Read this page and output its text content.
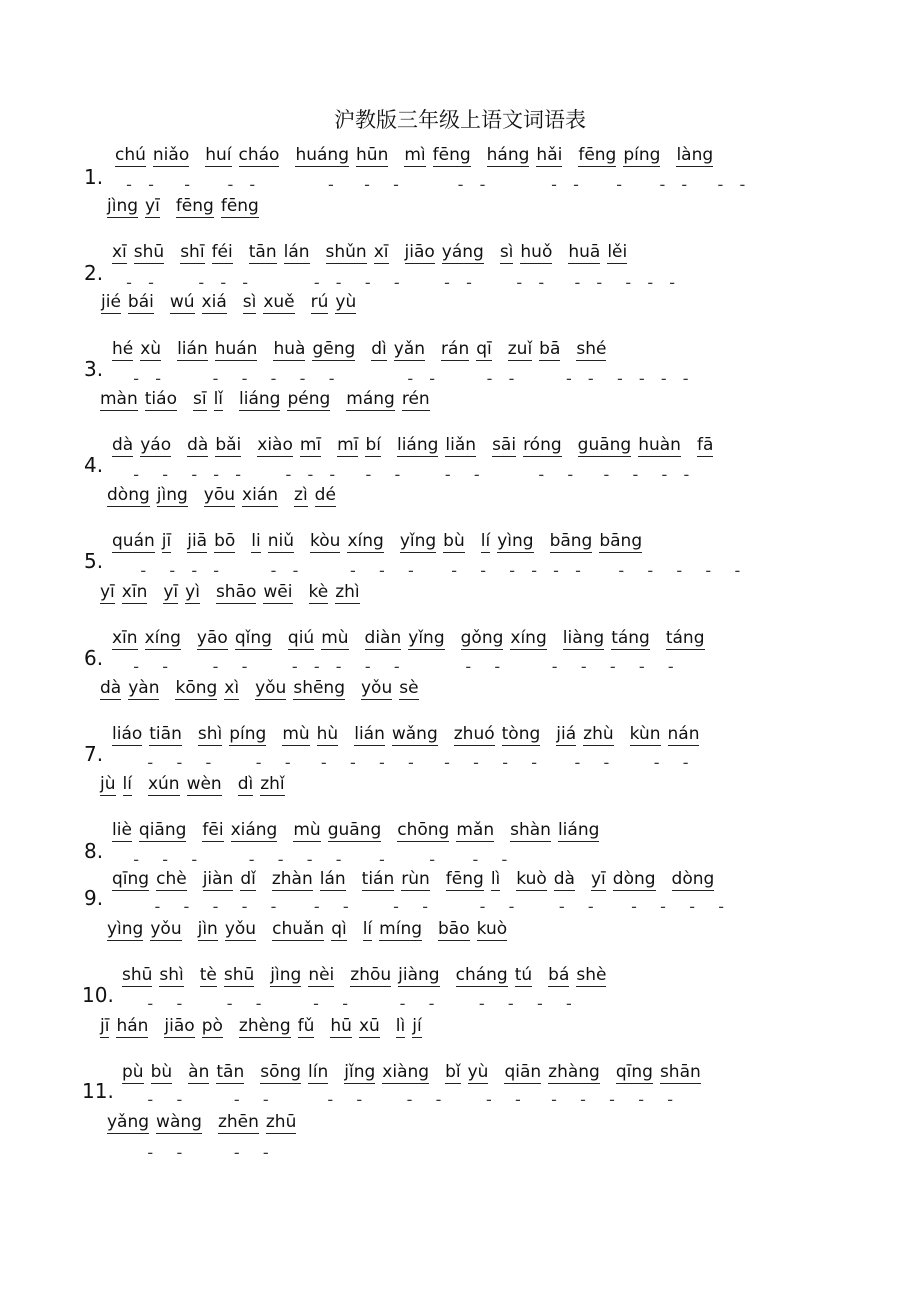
沪教版三年级上语文词语表
1.
chú niǎo huí cháo huáng hūn mì fēng háng hǎi fēng píng làng
jìng yī fēng fēng
2.
xī shū shī féi tān lán shǔn xī jiāo yáng sì huǒ huā lěi
jié bái wú xiá sì xuě rú yù
3.
hé xù lián huán huà gēng dì yǎn rán qī zuǐ bā shé
màn tiáo sī lǐ liáng péng máng rén
4.
dà yáo dà bǎi xiào mī mī bí liáng liǎn sāi róng guāng huàn fā
dòng jìng yōu xián zì dé
5.
quán jī jiā bō li niǔ kòu xíng yǐng bù lí yìng bāng bāng
yī xīn yī yì shāo wēi kè zhì
6.
xīn xíng yāo qǐng qiú mù diàn yǐng gǒng xíng liàng táng táng
dà yàn kōng xì yǒu shēng yǒu sè
7.
liáo tiān shì píng mù hù lián wǎng zhuó tòng jiá zhù kùn nán
jù lí xún wèn dì zhǐ
8.
liè qiāng fēi xiáng mù guāng chōng mǎn shàn liáng
9.
qīng chè jiàn dǐ zhàn lán tián rùn fēng lì kuò dà yī dòng dòng
yìng yǒu jìn yǒu chuǎn qì lí míng bāo kuò
10.
shū shì tè shū jìng nèi zhōu jiàng cháng tú bá shè
jī hán jiāo pò zhèng fǔ hū xū lì jí
11.
pù bù àn tān sōng lín jǐng xiàng bǐ yù qiān zhàng qīng shān
yǎng wàng zhēn zhū
-  -    -     -  -          -    -   -        -  -         -  -     -     -  -    -  -
-  -      -  -  -         -  -   -   -      -  -      -  -    -  -   -  -  -
-  -       -   -   -   -   -          -  -       -  -       -  -   -  -  -  -
-   -   -  -  -      -  -  -    -   -      -   -        -   -    -   -   -  -
-   -  -  -       -  -       -   -   -     -   -   -  -  -  -     -   -   -   -   -
-   -      -   -      -  -  -   -   -         -   -       -   -   -   -   -
-   -   -      -   -    -   -   -   -    -   -   -   -     -   -      -   -
-   -   -       -   -   -   -     -      -     -   -
-   -   -   -   -     -   -      -   -       -   -      -   -     -   -   -   -
-   -      -   -       -   -       -   -      -   -   -   -
-   -       -   -        -   -      -   -      -   -    -   -   -   -   -
-   -       -   -
